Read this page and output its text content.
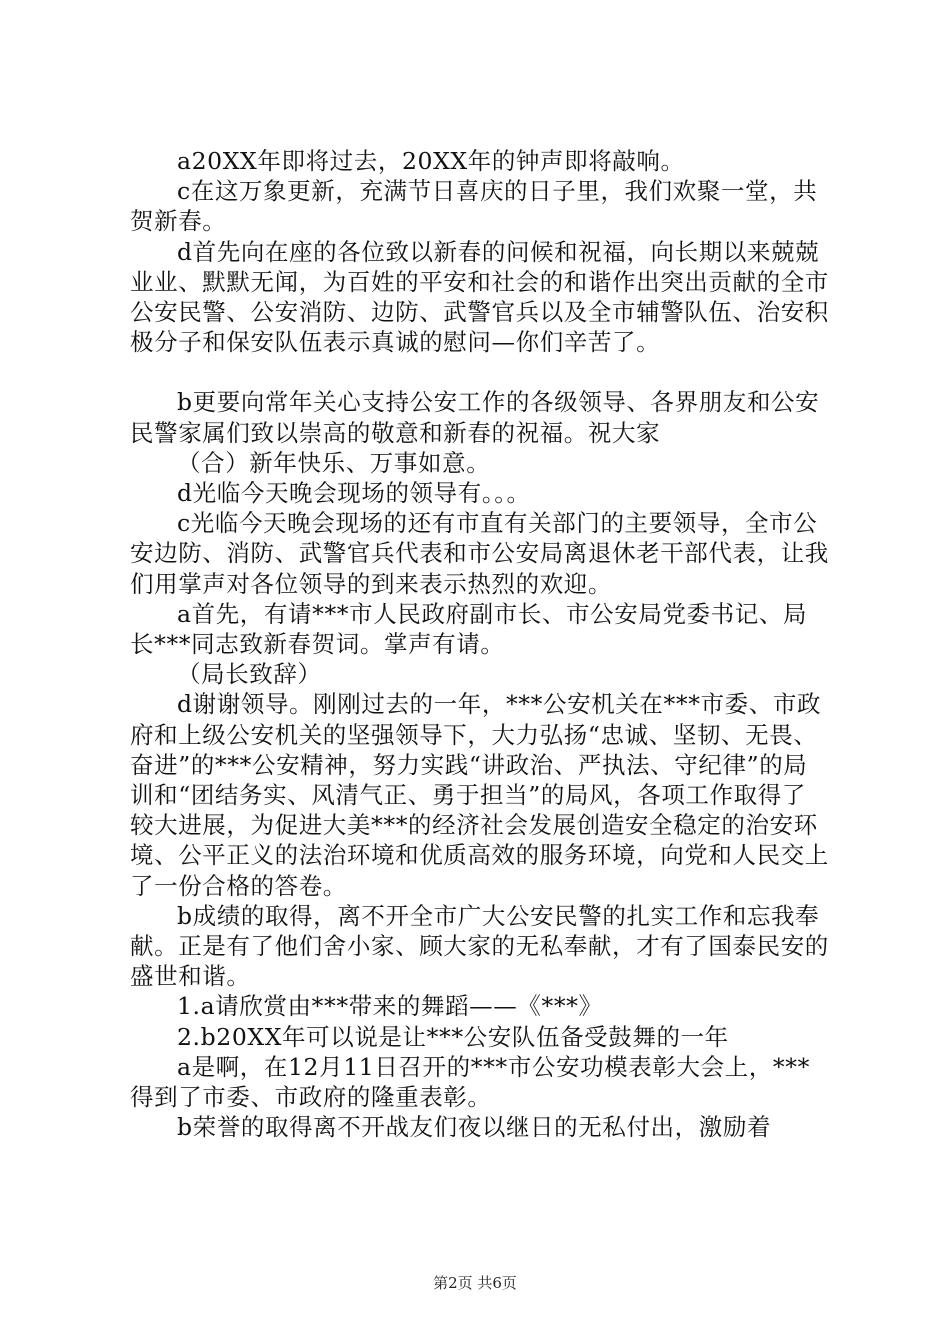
a20XX年即将过去，20XX年的钟声即将敲响。

c在这万象更新，充满节日喜庆的日子里，我们欢聚一堂，共贺新春。

d首先向在座的各位致以新春的问候和祝福，向长期以来兢兢业业、默默无闻，为百姓的平安和社会的和谐作出突出贡献的全市公安民警、公安消防、边防、武警官兵以及全市辅警队伍、治安积极分子和保安队伍表示真诚的慰问—你们辛苦了。

b更要向常年关心支持公安工作的各级领导、各界朋友和公安民警家属们致以崇高的敬意和新春的祝福。祝大家

（合）新年快乐、万事如意。

d光临今天晚会现场的领导有。。。

c光临今天晚会现场的还有市直有关部门的主要领导，全市公安边防、消防、武警官兵代表和市公安局离退休老干部代表，让我们用掌声对各位领导的到来表示热烈的欢迎。

a首先，有请***市人民政府副市长、市公安局党委书记、局长***同志致新春贺词。掌声有请。

（局长致辞）

d谢谢领导。刚刚过去的一年，***公安机关在***市委、市政府和上级公安机关的坚强领导下，大力弘扬“忠诚、坚韧、无畏、奋进”的***公安精神，努力实践“讲政治、严执法、守纪律”的局训和“团结务实、风清气正、勇于担当”的局风，各项工作取得了较大进展，为促进大美***的经济社会发展创造安全稳定的治安环境、公平正义的法治环境和优质高效的服务环境，向党和人民交上了一份合格的答卷。

b成绩的取得，离不开全市广大公安民警的扎实工作和忘我奉献。正是有了他们舍小家、顾大家的无私奉献，才有了国泰民安的盛世和谐。

1.a请欣赏由***带来的舞蹈——《***》

2.b20XX年可以说是让***公安队伍备受鼓舞的一年

a是啊，在12月11日召开的***市公安功模表彰大会上，***得到了市委、市政府的隆重表彰。

b荣誉的取得离不开战友们夜以继日的无私付出，激励着

第2页 共6页
